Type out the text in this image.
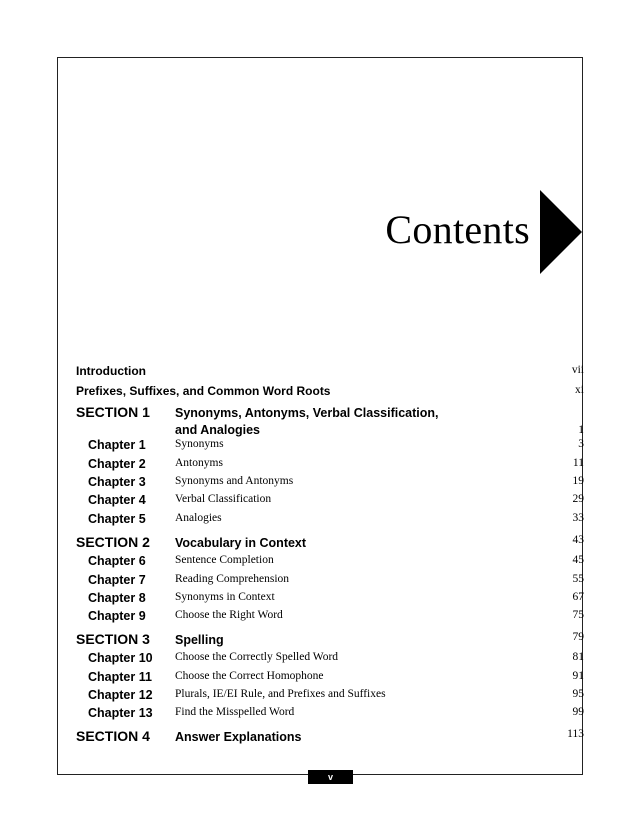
Contents
Introduction	vii
Prefixes, Suffixes, and Common Word Roots	xi
SECTION 1 Synonyms, Antonyms, Verbal Classification,
and Analogies	1
Chapter 1	Synonyms	3
Chapter 2	Antonyms	11
Chapter 3	Synonyms and Antonyms	19
Chapter 4	Verbal Classification	29
Chapter 5	Analogies	33
SECTION 2 Vocabulary in Context	43
Chapter 6	Sentence Completion	45
Chapter 7	Reading Comprehension	55
Chapter 8	Synonyms in Context	67
Chapter 9	Choose the Right Word	75
SECTION 3 Spelling	79
Chapter 10 Choose the Correctly Spelled Word	81
Chapter 11 Choose the Correct Homophone	91
Chapter 12 Plurals, IE/EI Rule, and Prefixes and Suffixes	95
Chapter 13 Find the Misspelled Word	99
SECTION 4 Answer Explanations	113
v
